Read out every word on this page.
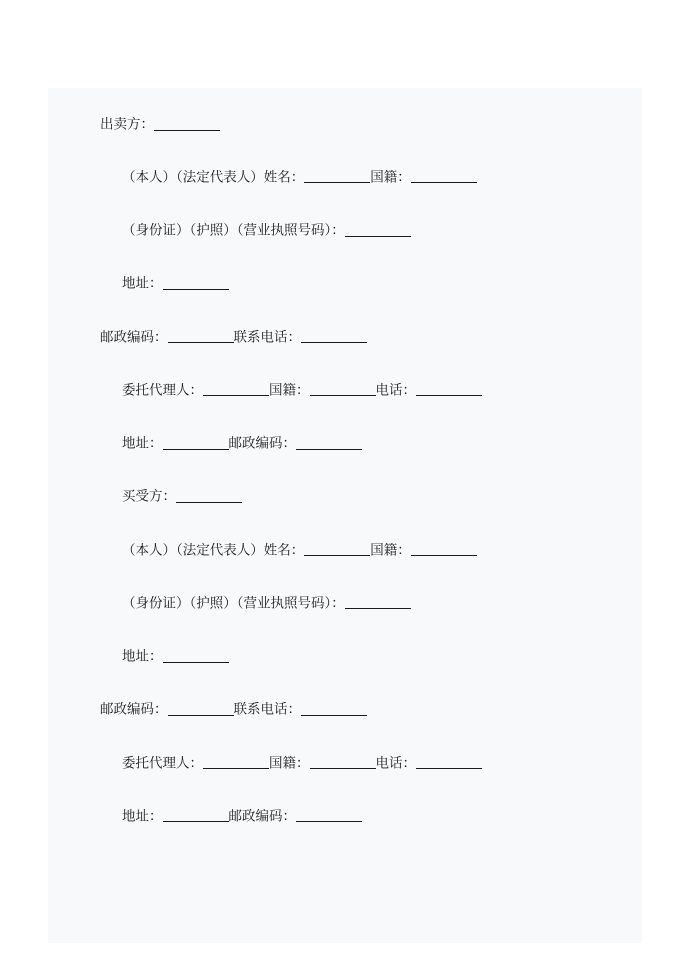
出卖方：

（本人）（法定代表人）姓名：	国籍：

（身份证）（护照）（营业执照号码）：

地址：

邮政编码：	联系电话：

委托代理人：	国籍：	电话：

地址：	邮政编码：

买受方：

（本人）（法定代表人）姓名：	国籍：

（身份证）（护照）（营业执照号码）：

地址：

邮政编码：	联系电话：

委托代理人：	国籍：	电话：

地址：	邮政编码：
